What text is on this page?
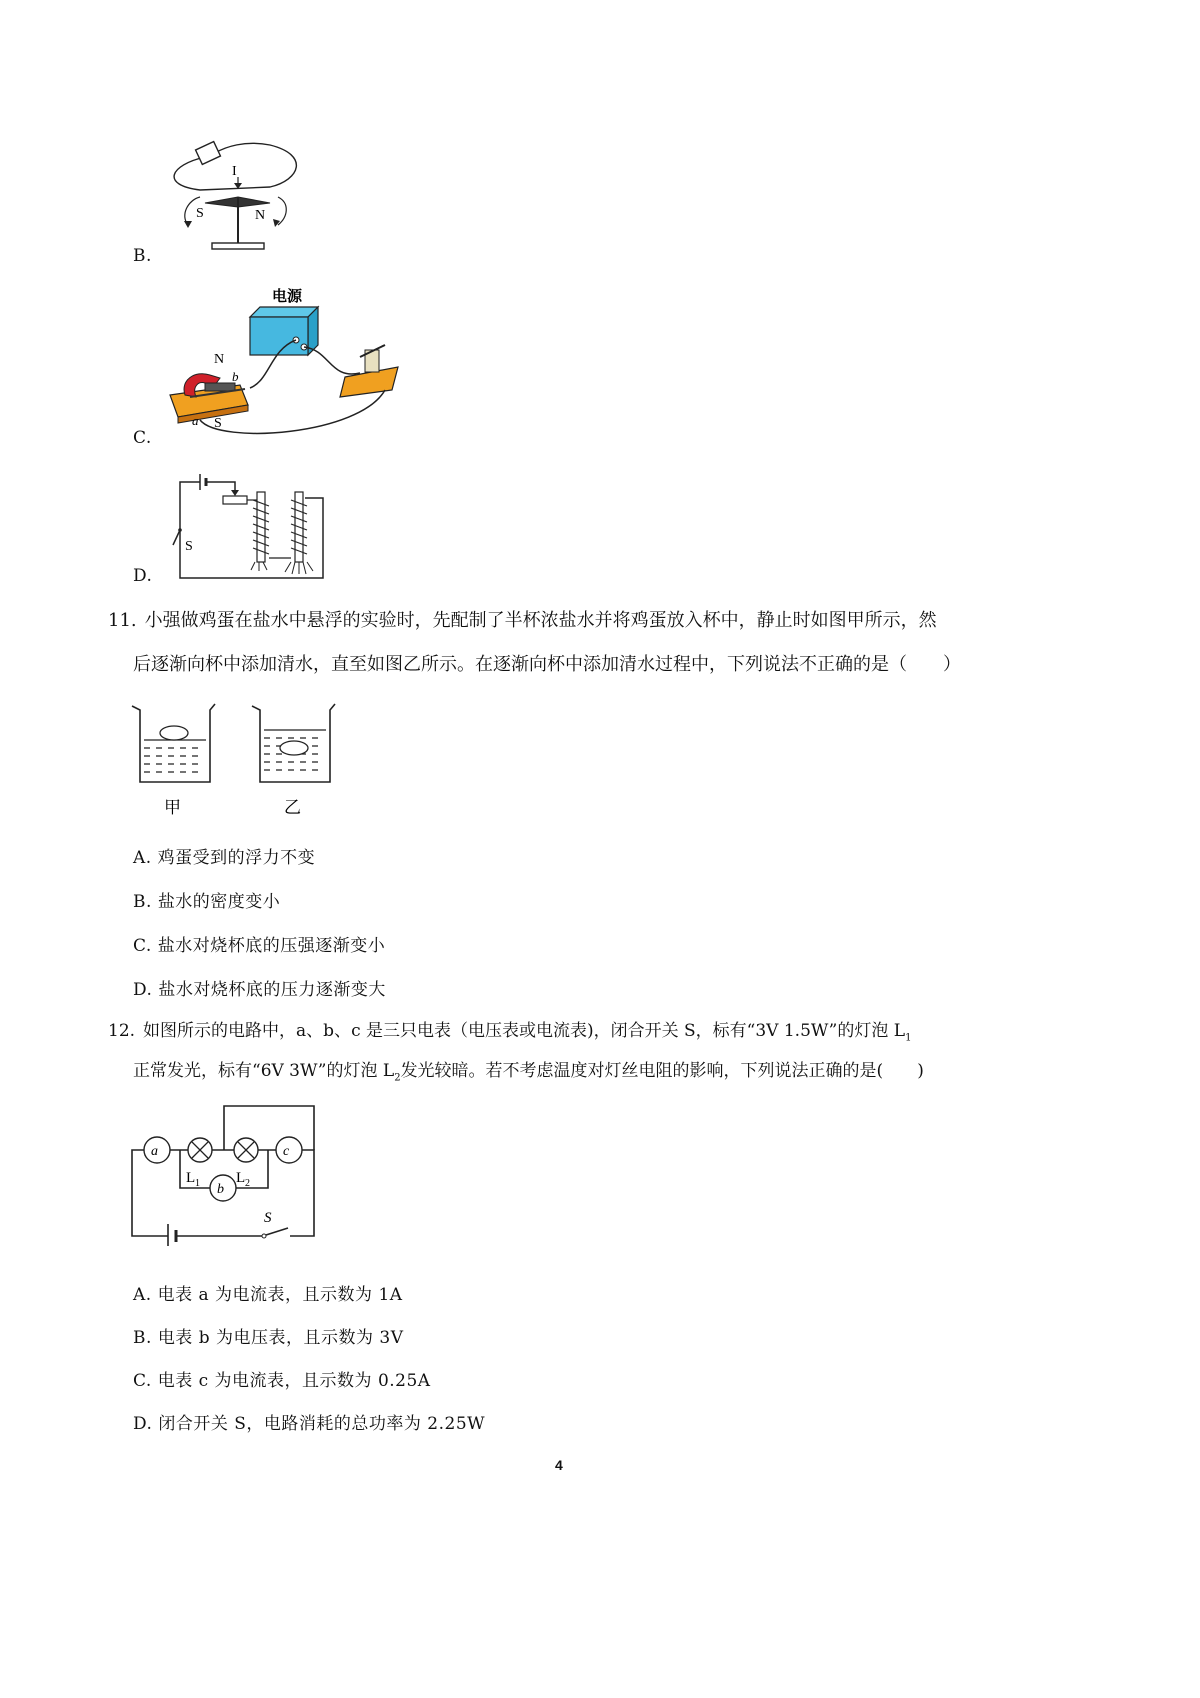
I
S	N
B.
电源
N
b
a S
C.
S
D.
11. 小强做鸡蛋在盐水中悬浮的实验时，先配制了半杯浓盐水并将鸡蛋放入杯中，静止时如图甲所示，然
后逐渐向杯中添加清水，直至如图乙所示。在逐渐向杯中添加清水过程中，下列说法不正确的是（　　）
甲	乙
A. 鸡蛋受到的浮力不变
B. 盐水的密度变小
C. 盐水对烧杯底的压强逐渐变小
D. 盐水对烧杯底的压力逐渐变大
12. 如图所示的电路中，a、b、c 是三只电表（电压表或电流表)，闭合开关 S，标有“3V 1.5W”的灯泡 $L_1$
正常发光，标有“6V 3W”的灯泡 $L_2$发光较暗。若不考虑温度对灯丝电阻的影响，下列说法正确的是(　　)
S
a	c
b
L 1 L 2
A. 电表 a 为电流表，且示数为 1A
B. 电表 b 为电压表，且示数为 3V
C. 电表 c 为电流表，且示数为 0.25A
D. 闭合开关 S，电路消耗的总功率为 2.25W
4
